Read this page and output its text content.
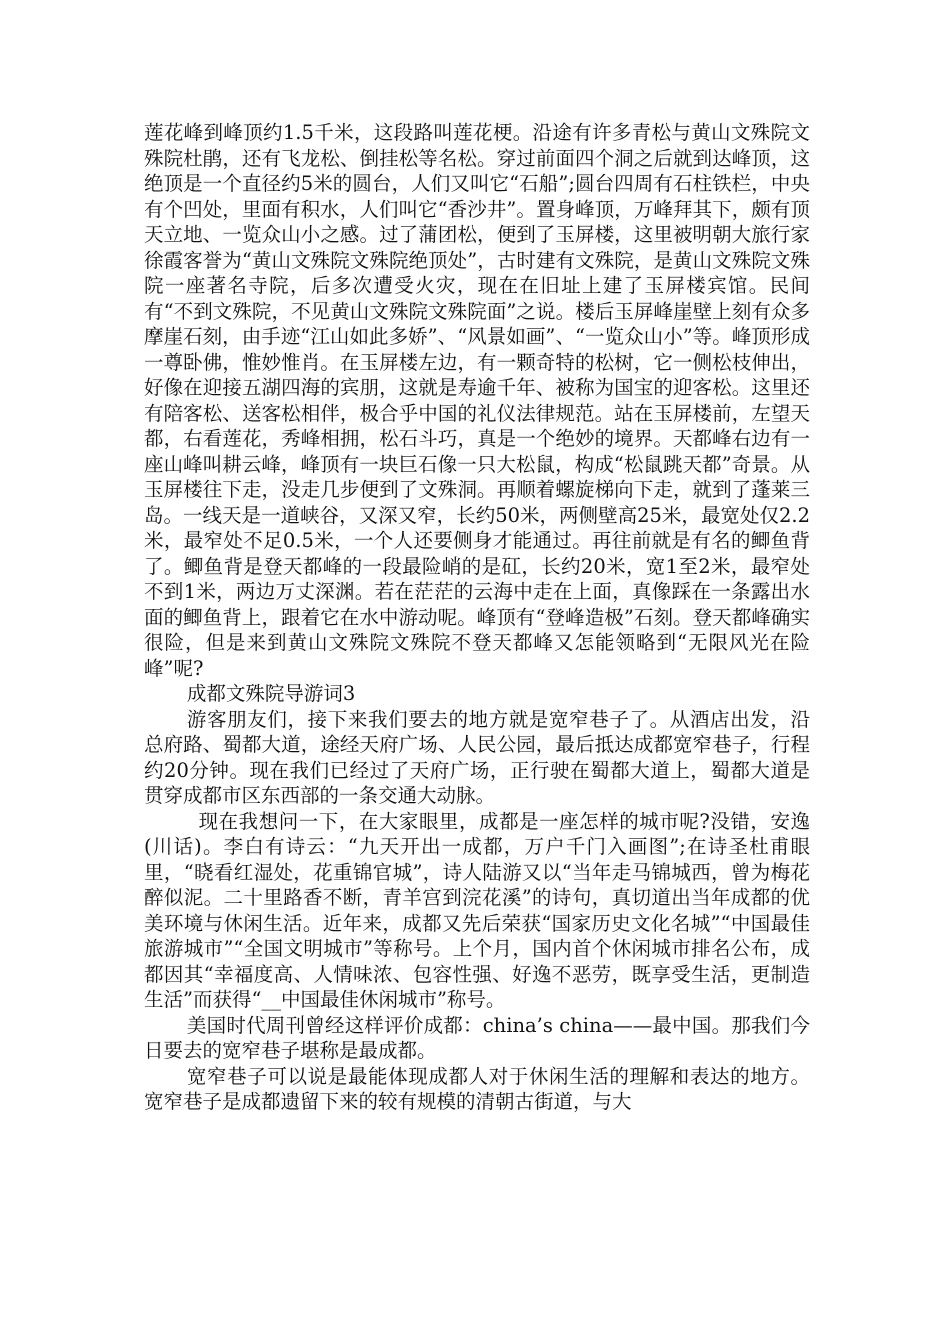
莲花峰到峰顶约1.5千米，这段路叫莲花梗。沿途有许多青松与黄山文殊院文殊院杜鹃，还有飞龙松、倒挂松等名松。穿过前面四个洞之后就到达峰顶，这绝顶是一个直径约5米的圆台，人们又叫它“石船”;圆台四周有石柱铁栏，中央有个凹处，里面有积水，人们叫它“香沙井”。置身峰顶，万峰拜其下，颇有顶天立地、一览众山小之感。过了蒲团松，便到了玉屏楼，这里被明朝大旅行家徐霞客誉为“黄山文殊院文殊院绝顶处”，古时建有文殊院，是黄山文殊院文殊院一座著名寺院，后多次遭受火灾，现在在旧址上建了玉屏楼宾馆。民间有“不到文殊院，不见黄山文殊院文殊院面”之说。楼后玉屏峰崖壁上刻有众多摩崖石刻，由手迹“江山如此多娇”、“风景如画”、“一览众山小”等。峰顶形成一尊卧佛，惟妙惟肖。在玉屏楼左边，有一颗奇特的松树，它一侧松枝伸出，好像在迎接五湖四海的宾朋，这就是寿逾千年、被称为国宝的迎客松。这里还有陪客松、送客松相伴，极合乎中国的礼仪法律规范。站在玉屏楼前，左望天都，右看莲花，秀峰相拥，松石斗巧，真是一个绝妙的境界。天都峰右边有一座山峰叫耕云峰，峰顶有一块巨石像一只大松鼠，构成“松鼠跳天都”奇景。从玉屏楼往下走，没走几步便到了文殊洞。再顺着螺旋梯向下走，就到了蓬莱三岛。一线天是一道峡谷，又深又窄，长约50米，两侧壁高25米，最宽处仅2.2米，最窄处不足0.5米，一个人还要侧身才能通过。再往前就是有名的鲫鱼背了。鲫鱼背是登天都峰的一段最险峭的是矼，长约20米，宽1至2米，最窄处不到1米，两边万丈深渊。若在茫茫的云海中走在上面，真像踩在一条露出水面的鲫鱼背上，跟着它在水中游动呢。峰顶有“登峰造极”石刻。登天都峰确实很险，但是来到黄山文殊院文殊院不登天都峰又怎能领略到“无限风光在险峰”呢?

成都文殊院导游词3

游客朋友们，接下来我们要去的地方就是宽窄巷子了。从酒店出发，沿总府路、蜀都大道，途经天府广场、人民公园，最后抵达成都宽窄巷子，行程约20分钟。现在我们已经过了天府广场，正行驶在蜀都大道上，蜀都大道是贯穿成都市区东西部的一条交通大动脉。

现在我想问一下，在大家眼里，成都是一座怎样的城市呢?没错，安逸(川话)。李白有诗云：“九天开出一成都，万户千门入画图”;在诗圣杜甫眼里，“晓看红湿处，花重锦官城”，诗人陆游又以“当年走马锦城西，曾为梅花醉似泥。二十里路香不断，青羊宫到浣花溪”的诗句，真切道出当年成都的优美环境与休闲生活。近年来，成都又先后荣获“国家历史文化名城”“中国最佳旅游城市”“全国文明城市”等称号。上个月，国内首个休闲城市排名公布，成都因其“幸福度高、人情味浓、包容性强、好逸不恶劳，既享受生活，更制造生活”而获得“__中国最佳休闲城市”称号。

美国时代周刊曾经这样评价成都：china’s china——最中国。那我们今日要去的宽窄巷子堪称是最成都。

宽窄巷子可以说是最能体现成都人对于休闲生活的理解和表达的地方。宽窄巷子是成都遗留下来的较有规模的清朝古街道，与大
